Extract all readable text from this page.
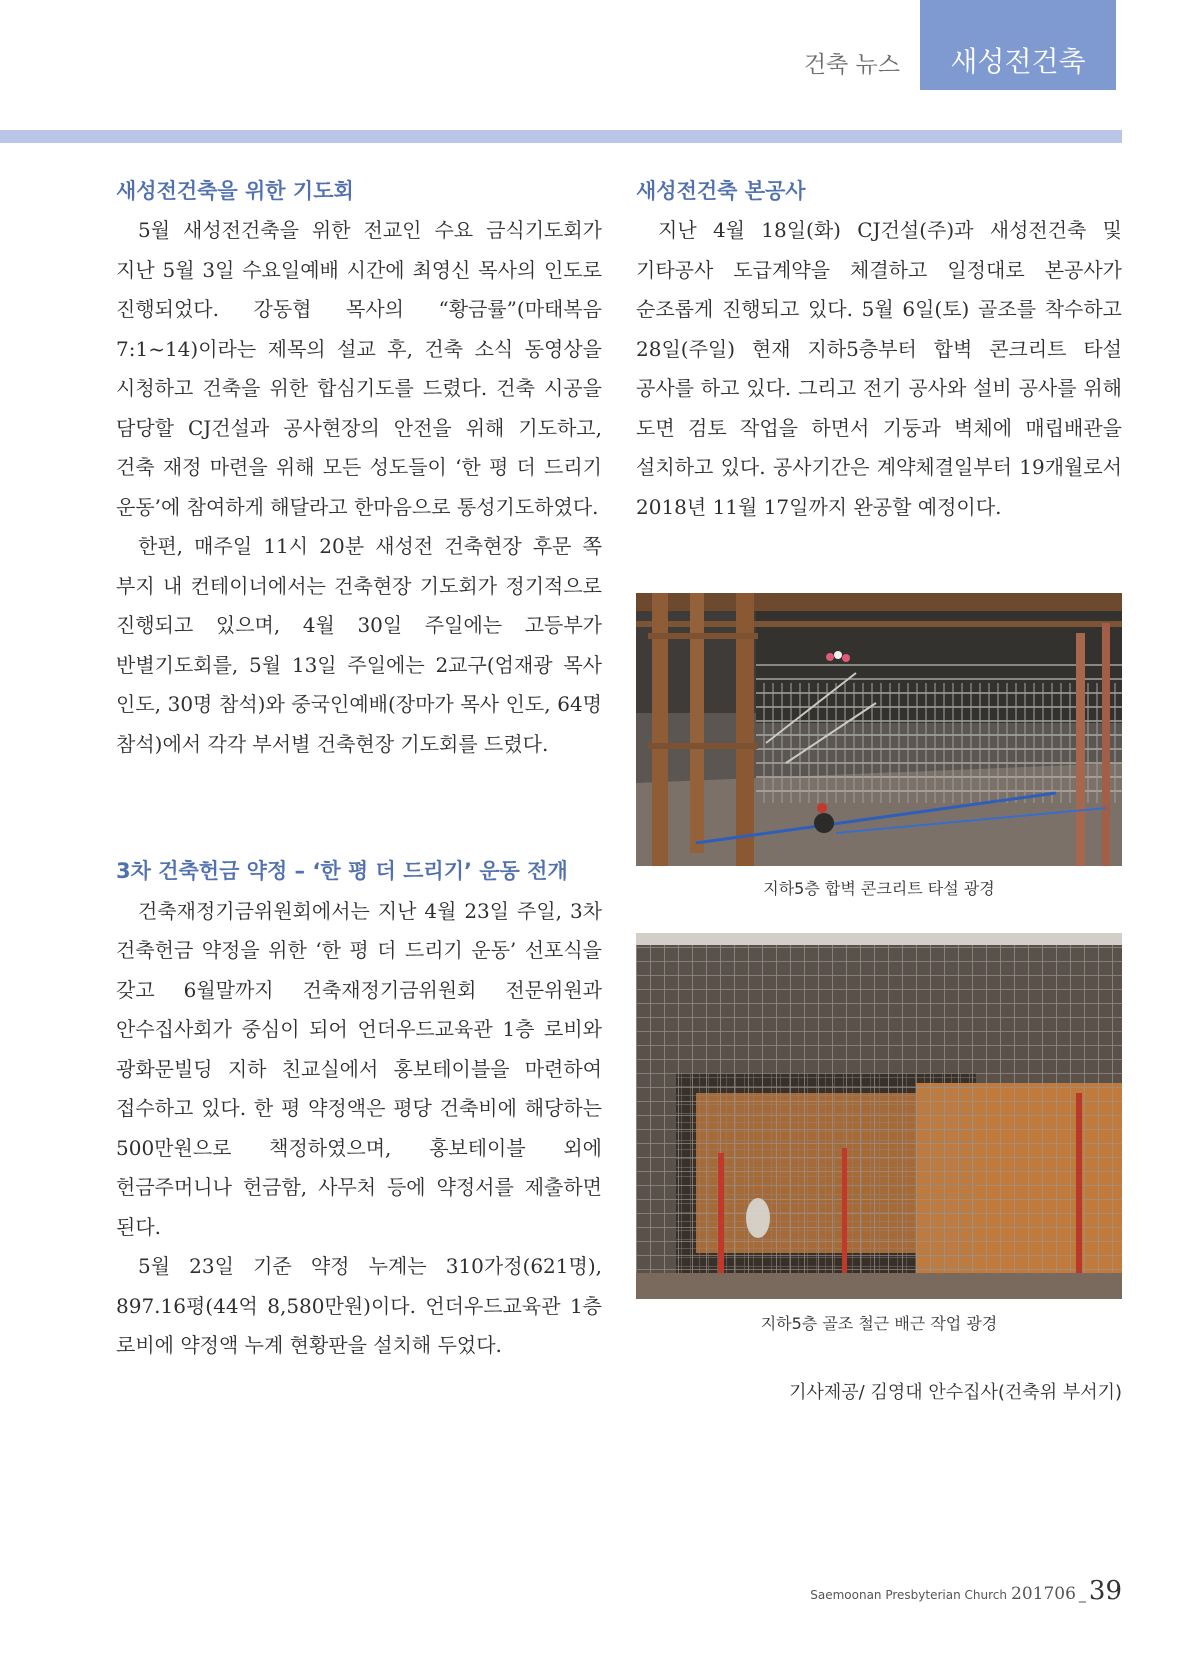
건축 뉴스	새성전건축
새성전건축을 위한 기도회

5월 새성전건축을 위한 전교인 수요 금식기도회가 지난 5월 3일 수요일예배 시간에 최영신 목사의 인도로 진행되었다. 강동협 목사의 “황금률”(마태복음 7:1~14)이라는 제목의 설교 후, 건축 소식 동영상을 시청하고 건축을 위한 합심기도를 드렸다. 건축 시공을 담당할 CJ건설과 공사현장의 안전을 위해 기도하고, 건축 재정 마련을 위해 모든 성도들이 ‘한 평 더 드리기 운동’에 참여하게 해달라고 한마음으로 통성기도하였다.

한편, 매주일 11시 20분 새성전 건축현장 후문 쪽 부지 내 컨테이너에서는 건축현장 기도회가 정기적으로 진행되고 있으며, 4월 30일 주일에는 고등부가 반별기도회를, 5월 13일 주일에는 2교구(엄재광 목사 인도, 30명 참석)와 중국인예배(장마가 목사 인도, 64명 참석)에서 각각 부서별 건축현장 기도회를 드렸다.

3차 건축헌금 약정 – ‘한 평 더 드리기’ 운동 전개

건축재정기금위원회에서는 지난 4월 23일 주일, 3차 건축헌금 약정을 위한 ‘한 평 더 드리기 운동’ 선포식을 갖고 6월말까지 건축재정기금위원회 전문위원과 안수집사회가 중심이 되어 언더우드교육관 1층 로비와 광화문빌딩 지하 친교실에서 홍보테이블을 마련하여 접수하고 있다. 한 평 약정액은 평당 건축비에 해당하는 500만원으로 책정하였으며, 홍보테이블 외에 헌금주머니나 헌금함, 사무처 등에 약정서를 제출하면 된다.

5월 23일 기준 약정 누계는 310가정(621명), 897.16평(44억 8,580만원)이다. 언더우드교육관 1층 로비에 약정액 누계 현황판을 설치해 두었다.

새성전건축 본공사

지난 4월 18일(화) CJ건설(주)과 새성전건축 및 기타공사 도급계약을 체결하고 일정대로 본공사가 순조롭게 진행되고 있다. 5월 6일(토) 골조를 착수하고 28일(주일) 현재 지하5층부터 합벽 콘크리트 타설 공사를 하고 있다. 그리고 전기 공사와 설비 공사를 위해 도면 검토 작업을 하면서 기둥과 벽체에 매립배관을 설치하고 있다. 공사기간은 계약체결일부터 19개월로서 2018년 11월 17일까지 완공할 예정이다.

지하5층 합벽 콘크리트 타설 광경
지하5층 골조 철근 배근 작업 광경
기사제공/ 김영대 안수집사(건축위 부서기)
Saemoonan Presbyterian Church 201706 _ 39
